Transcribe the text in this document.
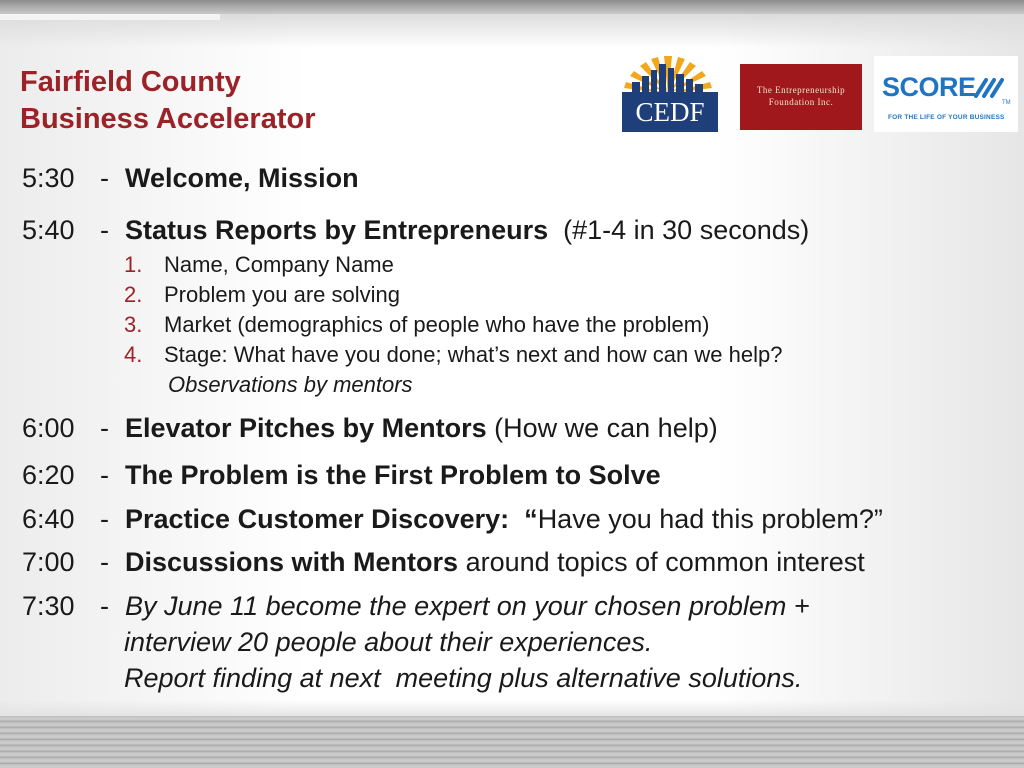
Fairfield County
Business Accelerator	CEDF
The Entrepreneurship
Foundation Inc.	SCORE
TM
FOR THE LIFE OF YOUR BUSINESS
5:30 - Welcome, Mission
5:40 - Status Reports by Entrepreneurs  (#1-4 in 30 seconds)
1. Name, Company Name
2. Problem you are solving
3. Market (demographics of people who have the problem)
4. Stage: What have you done; what’s next and how can we help?
Observations by mentors
6:00 - Elevator Pitches by Mentors (How we can help)
6:20 - The Problem is the First Problem to Solve
6:40 - Practice Customer Discovery:  “Have you had this problem?”
7:00 - Discussions with Mentors around topics of common interest
7:30 - By June 11 become the expert on your chosen problem +
interview 20 people about their experiences.
Report finding at next  meeting plus alternative solutions.
